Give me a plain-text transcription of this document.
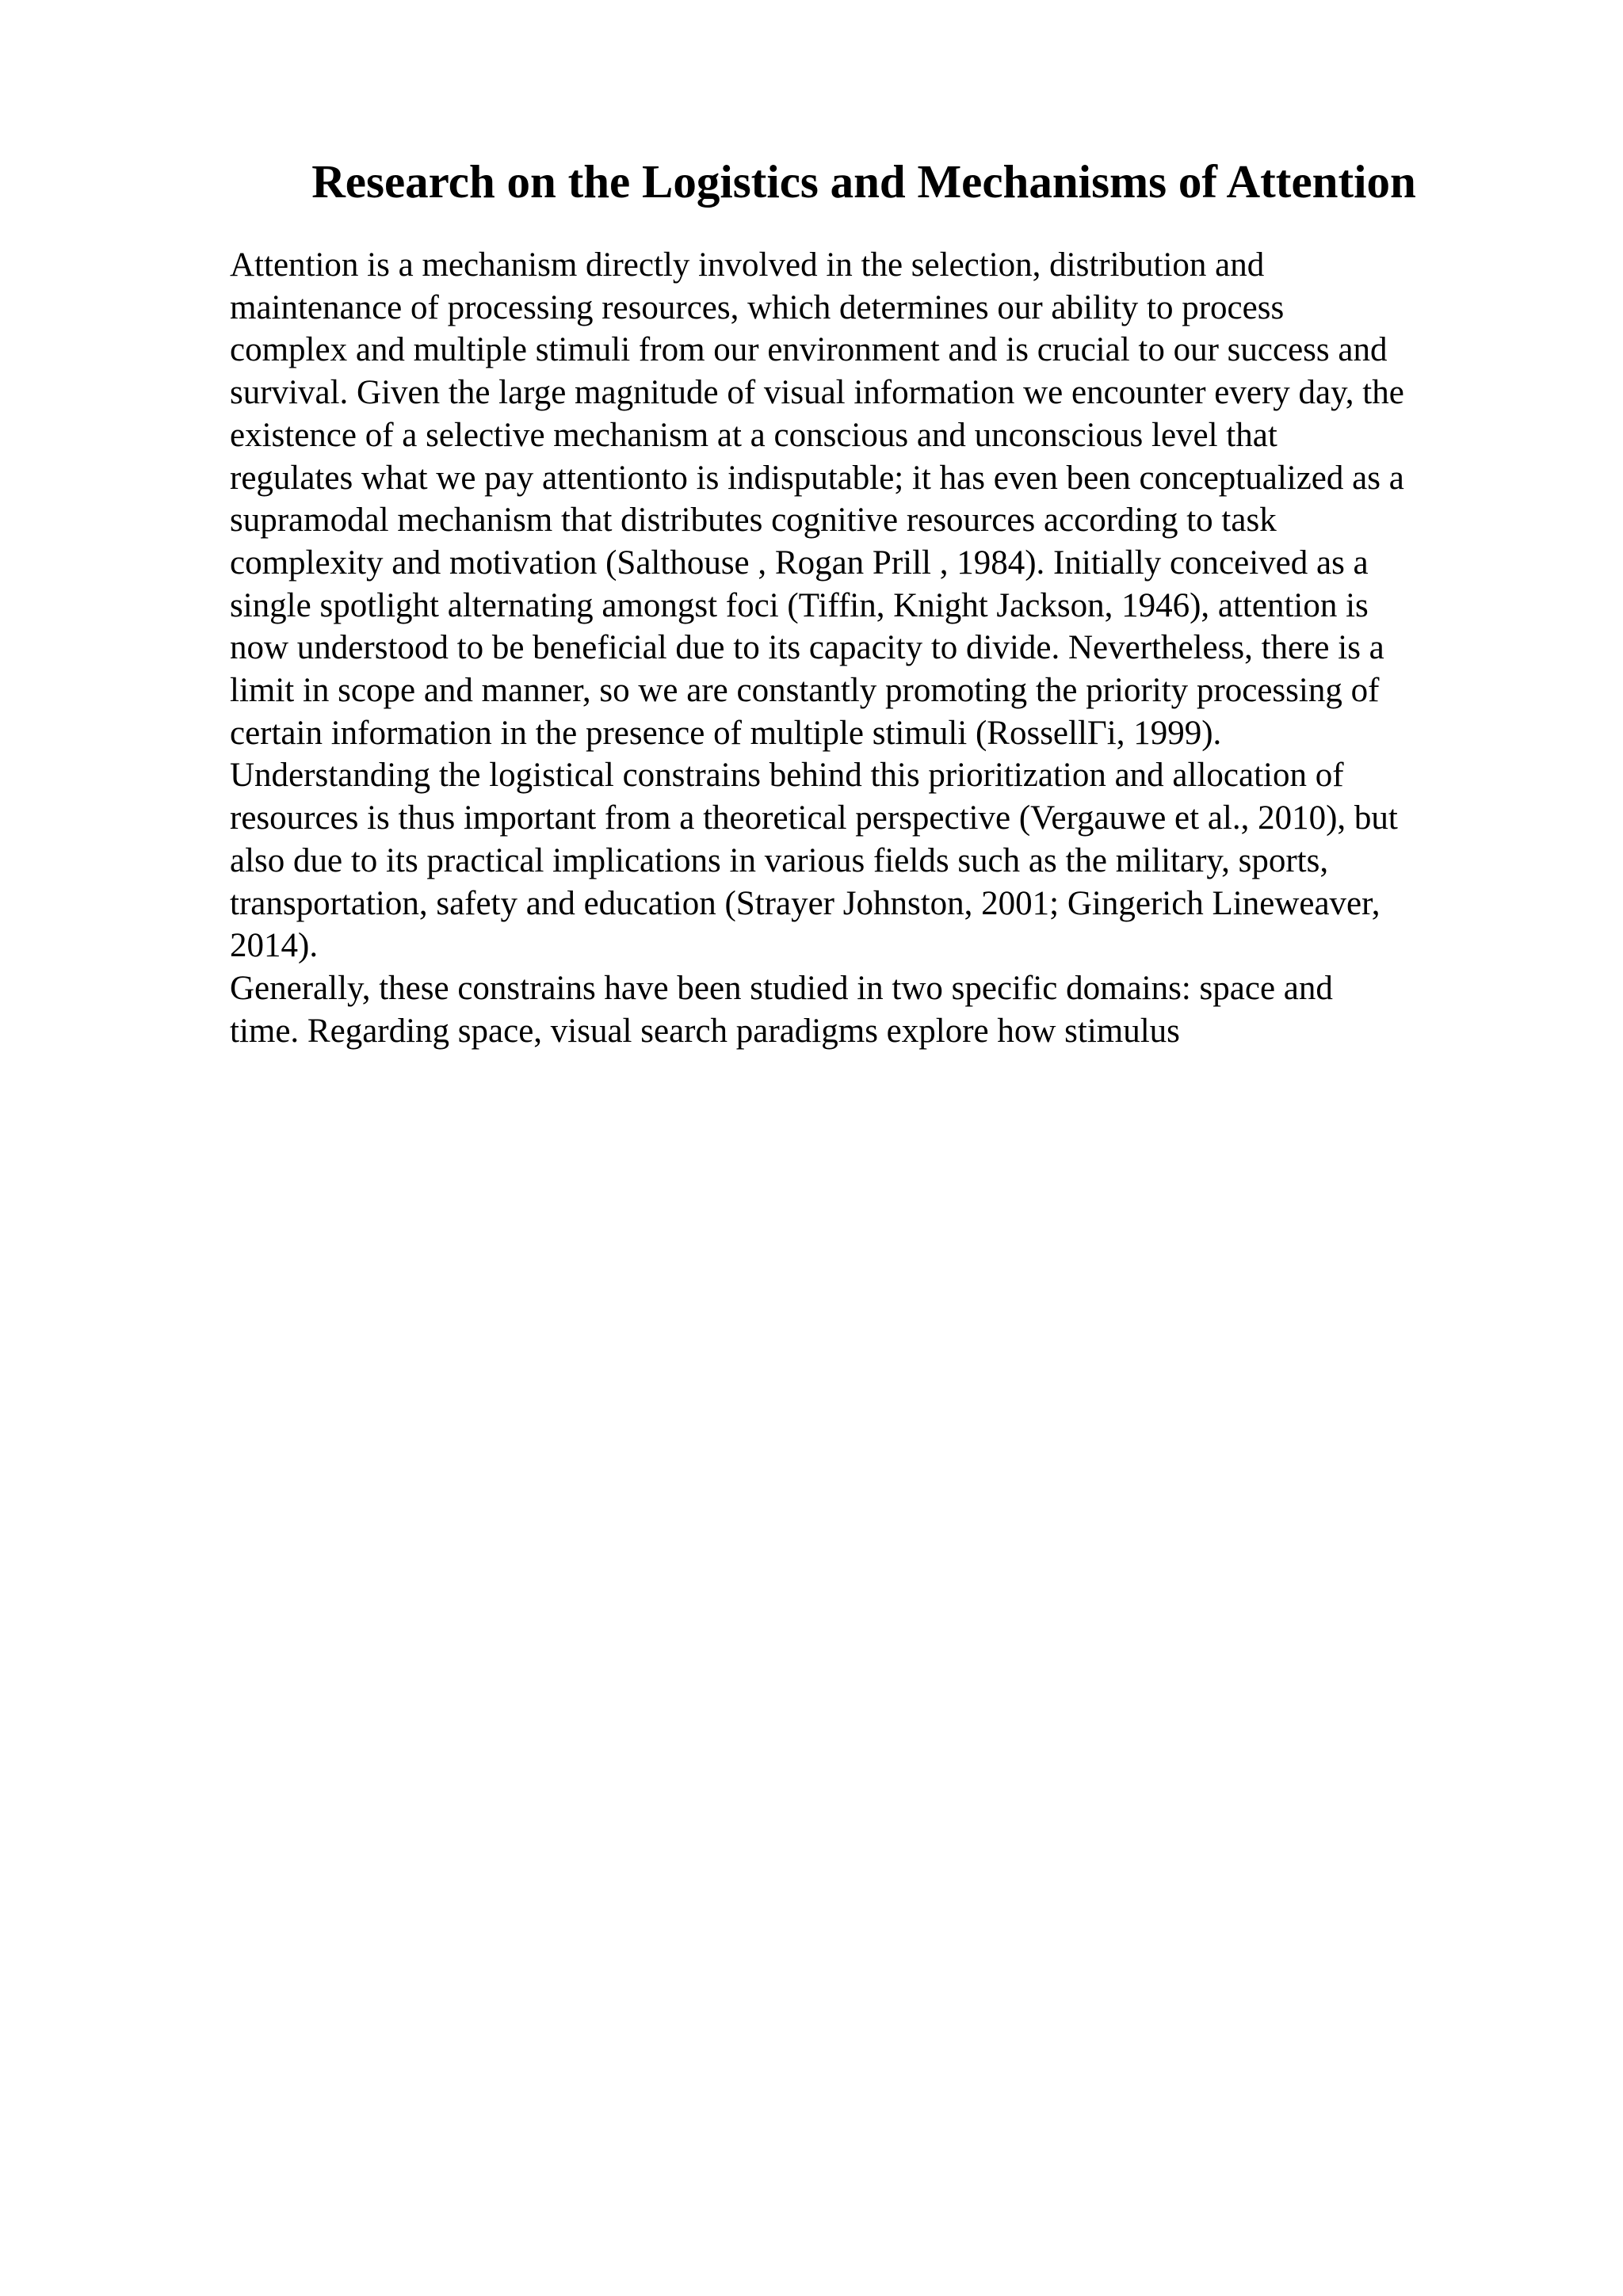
Research on the Logistics and Mechanisms of Attention
Attention is a mechanism directly involved in the selection, distribution and
maintenance of processing resources, which determines our ability to process
complex and multiple stimuli from our environment and is crucial to our success and
survival. Given the large magnitude of visual information we encounter every day, the
existence of a selective mechanism at a conscious and unconscious level that
regulates what we pay attentionto is indisputable; it has even been conceptualized as a
supramodal mechanism that distributes cognitive resources according to task
complexity and motivation (Salthouse , Rogan Prill , 1984). Initially conceived as a
single spotlight alternating amongst foci (Tiffin, Knight Jackson, 1946), attention is
now understood to be beneficial due to its capacity to divide. Nevertheless, there is a
limit in scope and manner, so we are constantly promoting the priority processing of
certain information in the presence of multiple stimuli (RossellΓi, 1999).
Understanding the logistical constrains behind this prioritization and allocation of
resources is thus important from a theoretical perspective (Vergauwe et al., 2010), but
also due to its practical implications in various fields such as the military, sports,
transportation, safety and education (Strayer Johnston, 2001; Gingerich Lineweaver,
2014).
Generally, these constrains have been studied in two specific domains: space and
time. Regarding space, visual search paradigms explore how stimulus
